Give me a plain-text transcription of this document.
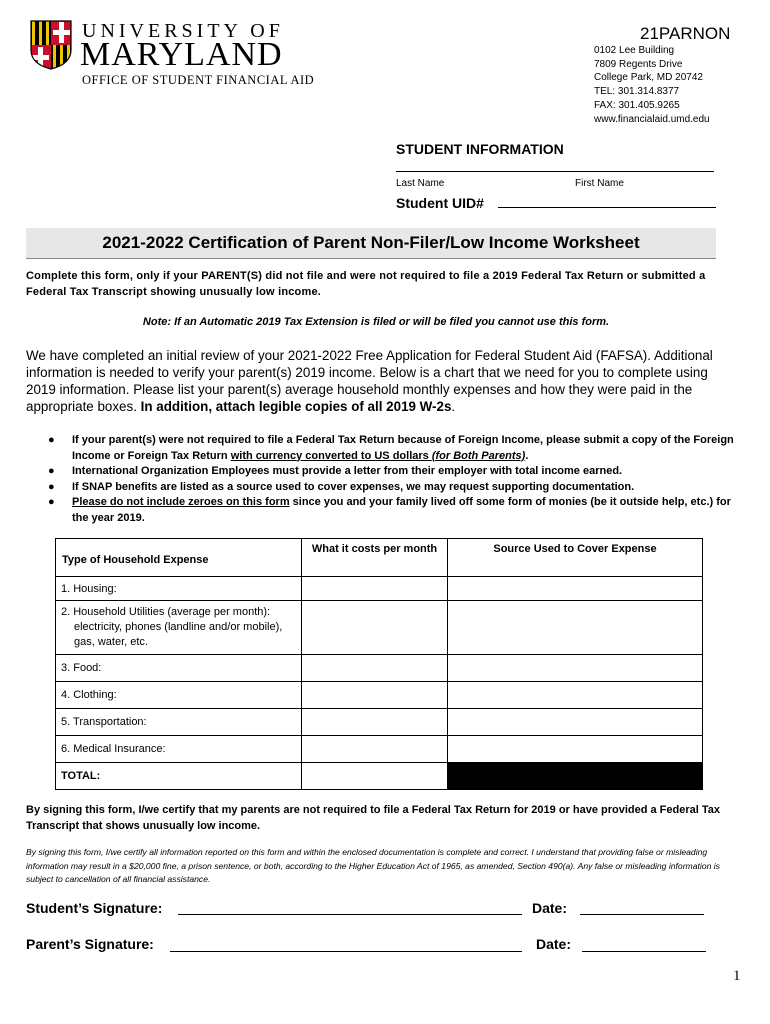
UNIVERSITY OF
MARYLAND
OFFICE OF STUDENT FINANCIAL AID
21PARNON
0102 Lee Building
7809 Regents Drive
College Park, MD 20742
TEL: 301.314.8377
FAX: 301.405.9265
www.financialaid.umd.edu
STUDENT INFORMATION
Last Name	First Name
Student UID#
2021-2022 Certification of Parent Non-Filer/Low Income Worksheet
Complete this form, only if your PARENT(S) did not file and were not required to file a 2019 Federal Tax Return or submitted a Federal Tax Transcript showing unusually low income.
Note: If an Automatic 2019 Tax Extension is filed or will be filed you cannot use this form.
We have completed an initial review of your 2021-2022 Free Application for Federal Student Aid (FAFSA). Additional information is needed to verify your parent(s) 2019 income. Below is a chart that we need for you to complete using 2019 information. Please list your parent(s) average household monthly expenses and how they were paid in the appropriate boxes. In addition, attach legible copies of all 2019 W-2s.
● If your parent(s) were not required to file a Federal Tax Return because of Foreign Income, please submit a copy of the Foreign Income or Foreign Tax Return with currency converted to US dollars (for Both Parents).
● International Organization Employees must provide a letter from their employer with total income earned.
● If SNAP benefits are listed as a source used to cover expenses, we may request supporting documentation.
● Please do not include zeroes on this form since you and your family lived off some form of monies (be it outside help, etc.) for the year 2019.
Type of Household Expense	What it costs per month	Source Used to Cover Expense
1. Housing:		
2. Household Utilities (average per month): electricity, phones (landline and/or mobile), gas, water, etc.		
3. Food:		
4. Clothing:		
5. Transportation:		
6. Medical Insurance:		
TOTAL:		
By signing this form, I/we certify that my parents are not required to file a Federal Tax Return for 2019 or have provided a Federal Tax Transcript that shows unusually low income.
By signing this form, I/we certify all information reported on this form and within the enclosed documentation is complete and correct. I understand that providing false or misleading information may result in a $20,000 fine, a prison sentence, or both, according to the Higher Education Act of 1965, as amended, Section 490(a). Any false or misleading information is subject to cancellation of all financial assistance.
Student’s Signature:	Date:
Parent’s Signature:	Date:
1
